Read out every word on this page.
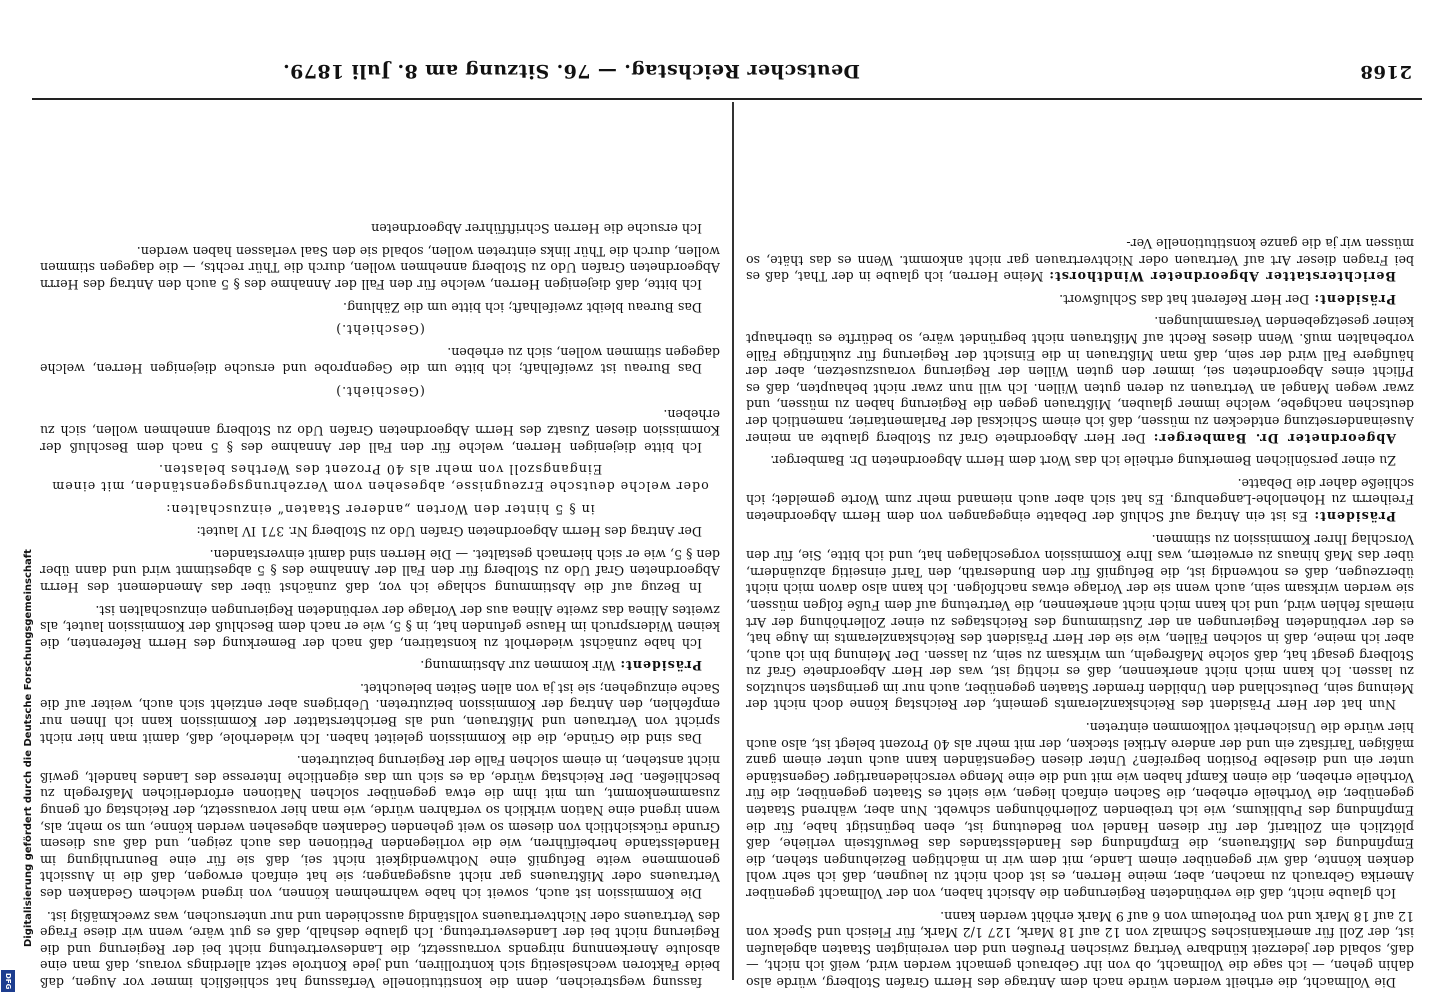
2168
Deutscher Reichstag. — 76. Sitzung am 8. Juli 1879.

Die Vollmacht, die ertheilt werden würde nach dem Antrage des Herrn Grafen Stolberg, würde also dahin gehen, — ich sage die Vollmacht, ob von ihr Gebrauch gemacht werden wird, weiß ich nicht, — daß, sobald der jederzeit kündbare Vertrag zwischen Preußen und den vereinigten Staaten abgelaufen ist, der Zoll für amerikanisches Schmalz von 12 auf 18 Mark, 127 1/2 Mark, für Fleisch und Speck von 12 auf 18 Mark und von Petroleum von 6 auf 9 Mark erhöht werden kann.

Ich glaube nicht, daß die verbündeten Regierungen die Absicht haben, von der Vollmacht gegenüber Amerika Gebrauch zu machen, aber, meine Herren, es ist doch nicht zu leugnen, daß ich sehr wohl denken könnte, daß wir gegenüber einem Lande, mit dem wir in mächtigen Beziehungen stehen, die Empfindung des Mißtrauens, die Empfindung des Handelsstandes das Bewußtsein verliehe, daß plötzlich ein Zolltarif, der für diesen Handel von Bedeutung ist, eben begünstigt habe, für die Empfindung des Publikums, wie ich treibenden Zollerhöhungen schwebt. Nun aber, während Staaten gegenüber, die Vortheile erheben, die Sachen einfach liegen, wie sieht es Staaten gegenüber, die für Vortheile erheben, die einen Kampf haben wie mit und die eine Menge verschiedenartiger Gegenstände unter ein und dieselbe Position begreifen? Unter diesen Gegenständen kann auch unter einem ganz mäßigen Tarifsatz ein und der andere Artikel stecken, der mit mehr als 40 Prozent belegt ist, also auch hier würde die Unsicherheit vollkommen eintreten.

Nun hat der Herr Präsident des Reichskanzleramts gemeint, der Reichstag könne doch nicht der Meinung sein, Deutschland den Unbilden fremder Staaten gegenüber, auch nur im geringsten schutzlos zu lassen. Ich kann mich nicht anerkennen, daß es richtig ist, was der Herr Abgeordnete Graf zu Stolberg gesagt hat, daß solche Maßregeln, um wirksam zu sein, zu lassen. Der Meinung bin ich auch, aber ich meine, daß in solchen Fällen, wie sie der Herr Präsident des Reichskanzleramts im Auge hat, es der verbündeten Regierungen an der Zustimmung des Reichstages zu einer Zollerhöhung der Art niemals fehlen wird, und ich kann mich nicht anerkennen, die Vertretung auf dem Fuße folgen müssen, sie werden wirksam sein, auch wenn sie der Vorlage etwas nachfolgen. Ich kann also davon mich nicht überzeugen, daß es notwendig ist, die Befugniß für den Bundesrath, den Tarif einseitig abzuändern, über das Maß hinaus zu erweitern, was Ihre Kommission vorgeschlagen hat, und ich bitte, Sie, für den Vorschlag Ihrer Kommission zu stimmen.

Präsident: Es ist ein Antrag auf Schluß der Debatte eingegangen von dem Herrn Abgeordneten Freiherrn zu Hohenlohe-Langenburg. Es hat sich aber auch niemand mehr zum Worte gemeldet; ich schließe daher die Debatte.

Zu einer persönlichen Bemerkung ertheile ich das Wort dem Herrn Abgeordneten Dr. Bamberger.

Abgeordneter Dr. Bamberger: Der Herr Abgeordnete Graf zu Stolberg glaubte an meiner Auseinandersetzung entdecken zu müssen, daß ich einem Schicksal der Parlamentarier, namentlich der deutschen nachgebe, welche immer glauben, Mißtrauen gegen die Regierung haben zu müssen, und zwar wegen Mangel an Vertrauen zu deren guten Willen. Ich will nun zwar nicht behaupten, daß es Pflicht eines Abgeordneten sei, immer den guten Willen der Regierung vorauszusetzen, aber der häufigere Fall wird der sein, daß man Mißtrauen in die Einsicht der Regierung für zukünftige Fälle vorbehalten muß. Wenn dieses Recht auf Mißtrauen nicht begründet wäre, so bedürfte es überhaupt keiner gesetzgebenden Versammlungen.

Präsident: Der Herr Referent hat das Schlußwort.

Berichterstatter Abgeordneter Windthorst: Meine Herren, ich glaube in der That, daß es bei Fragen dieser Art auf Vertrauen oder Nichtvertrauen gar nicht ankommt. Wenn es das thäte, so müssen wir ja die ganze konstitutionelle Ver-

fassung wegstreichen, denn die konstitutionelle Verfassung hat schließlich immer vor Augen, daß beide Faktoren wechselseitig sich kontrolliren, und jede Kontrole setzt allerdings voraus, daß man eine absolute Anerkennung nirgends vorraussetzt, die Landesvertretung nicht bei der Regierung und die Regierung nicht bei der Landesvertretung. Ich glaube deshalb, daß es gut wäre, wenn wir diese Frage des Vertrauens oder Nichtvertrauens vollständig ausschieden und nur untersuchen, was zweckmäßig ist.

Die Kommission ist auch, soweit ich habe wahrnehmen können, von irgend welchem Gedanken des Vertrauens oder Mißtrauens gar nicht ausgegangen; sie hat einfach erwogen, daß die in Aussicht genommene weite Befugniß eine Nothwendigkeit nicht sei, daß sie für eine Beunruhigung im Handelsstande herbeiführen, wie die vorliegenden Petitionen das auch zeigen, und daß aus diesem Grunde rücksichtlich von diesem so weit gehenden Gedanken abgesehen werden könne, um so mehr, als, wenn irgend eine Nation wirklich so verfahren würde, wie man hier voraussetzt, der Reichstag oft genug zusammenkommt, um mit ihm die etwa gegenüber solchen Nationen erforderlichen Maßregeln zu beschließen. Der Reichstag würde, da es sich um das eigentliche Interesse des Landes handelt, gewiß nicht anstehen, in einem solchen Falle der Regierung beizutreten.

Das sind die Gründe, die die Kommission geleitet haben. Ich wiederhole, daß, damit man hier nicht spricht von Vertrauen und Mißtrauen, und als Berichterstatter der Kommission kann ich Ihnen nur empfehlen, den Antrag der Kommission beizutreten. Uebrigens aber entzieht sich auch, weiter auf die Sache einzugehen; sie ist ja von allen Seiten beleuchtet.

Präsident: Wir kommen zur Abstimmung.

Ich habe zunächst wiederholt zu konstatiren, daß nach der Bemerkung des Herrn Referenten, die keinen Widerspruch im Hause gefunden hat, in § 5, wie er nach dem Beschluß der Kommission lautet, als zweites Alinea das zweite Alinea aus der Vorlage der verbündeten Regierungen einzuschalten ist.

In Bezug auf die Abstimmung schlage ich vor, daß zunächst über das Amendement des Herrn Abgeordneten Graf Udo zu Stolberg für den Fall der Annahme des § 5 abgestimmt wird und dann über den § 5, wie er sich hiernach gestaltet. — Die Herren sind damit einverstanden.

Der Antrag des Herrn Abgeordneten Grafen Udo zu Stolberg Nr. 371 IV lautet:

in § 5 hinter den Worten „anderer Staaten“ einzuschalten:

oder welche deutsche Erzeugnisse, abgesehen vom Verzehrungsgegenständen, mit einem Eingangszoll von mehr als 40 Prozent des Werthes belasten.

Ich bitte diejenigen Herren, welche für den Fall der Annahme des § 5 nach dem Beschluß der Kommission diesen Zusatz des Herrn Abgeordneten Grafen Udo zu Stolberg annehmen wollen, sich zu erheben.

(Geschieht.)

Das Bureau ist zweifelhaft; ich bitte um die Gegenprobe und ersuche diejenigen Herren, welche dagegen stimmen wollen, sich zu erheben.

(Geschieht.)

Das Bureau bleibt zweifelhaft; ich bitte um die Zählung.

Ich bitte, daß diejenigen Herren, welche für den Fall der Annahme des § 5 auch den Antrag des Herrn Abgeordneten Grafen Udo zu Stolberg annehmen wollen, durch die Thür rechts, — die dagegen stimmen wollen, durch die Thür links eintreten wollen, sobald sie den Saal verlassen haben werden.

Ich ersuche die Herren Schriftführer Abgeordneten

Digitalisierung gefördert durch die Deutsche Forschungsgemeinschaft
DFG
